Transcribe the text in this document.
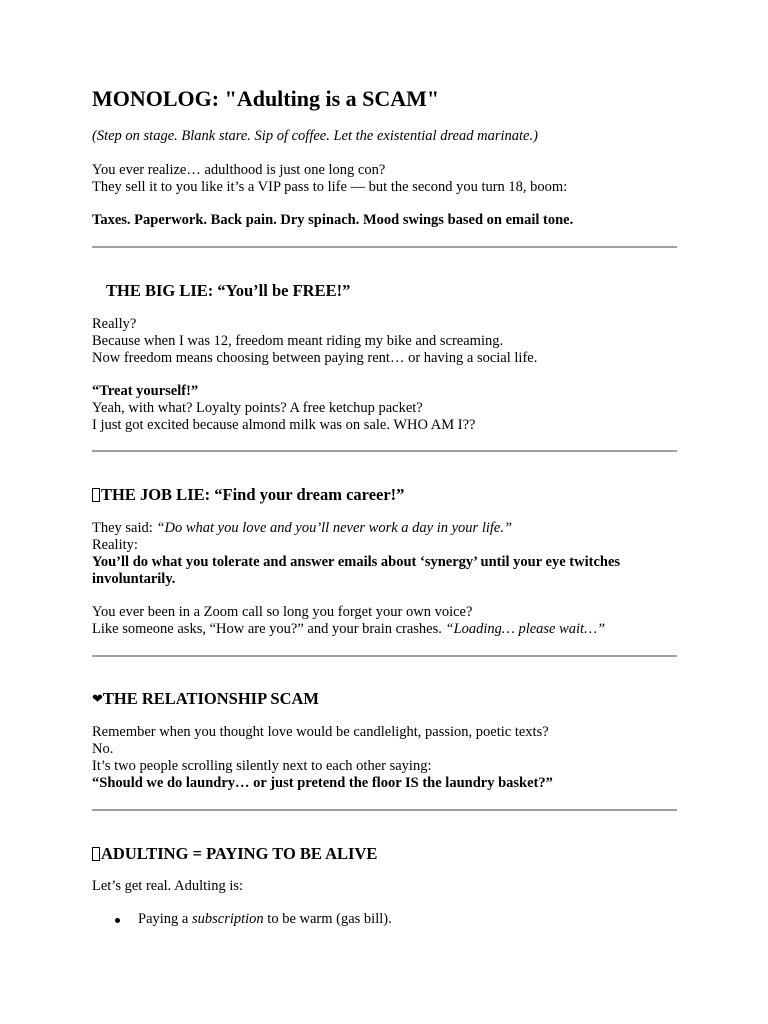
MONOLOG: "Adulting is a SCAM"
(Step on stage. Blank stare. Sip of coffee. Let the existential dread marinate.)
You ever realize… adulthood is just one long con?
They sell it to you like it’s a VIP pass to life — but the second you turn 18, boom:
Taxes. Paperwork. Back pain. Dry spinach. Mood swings based on email tone.
THE BIG LIE: “You’ll be FREE!”
Really?
Because when I was 12, freedom meant riding my bike and screaming.
Now freedom means choosing between paying rent… or having a social life.
“Treat yourself!”
Yeah, with what? Loyalty points? A free ketchup packet?
I just got excited because almond milk was on sale. WHO AM I??
THE JOB LIE: “Find your dream career!”
They said: “Do what you love and you’ll never work a day in your life.”
Reality:
You’ll do what you tolerate and answer emails about ‘synergy’ until your eye twitches involuntarily.
You ever been in a Zoom call so long you forget your own voice?
Like someone asks, “How are you?” and your brain crashes. “Loading… please wait…”
❤THE RELATIONSHIP SCAM
Remember when you thought love would be candlelight, passion, poetic texts?
No.
It’s two people scrolling silently next to each other saying:
“Should we do laundry… or just pretend the floor IS the laundry basket?”
ADULTING = PAYING TO BE ALIVE
Let’s get real. Adulting is:
Paying a subscription to be warm (gas bill).
